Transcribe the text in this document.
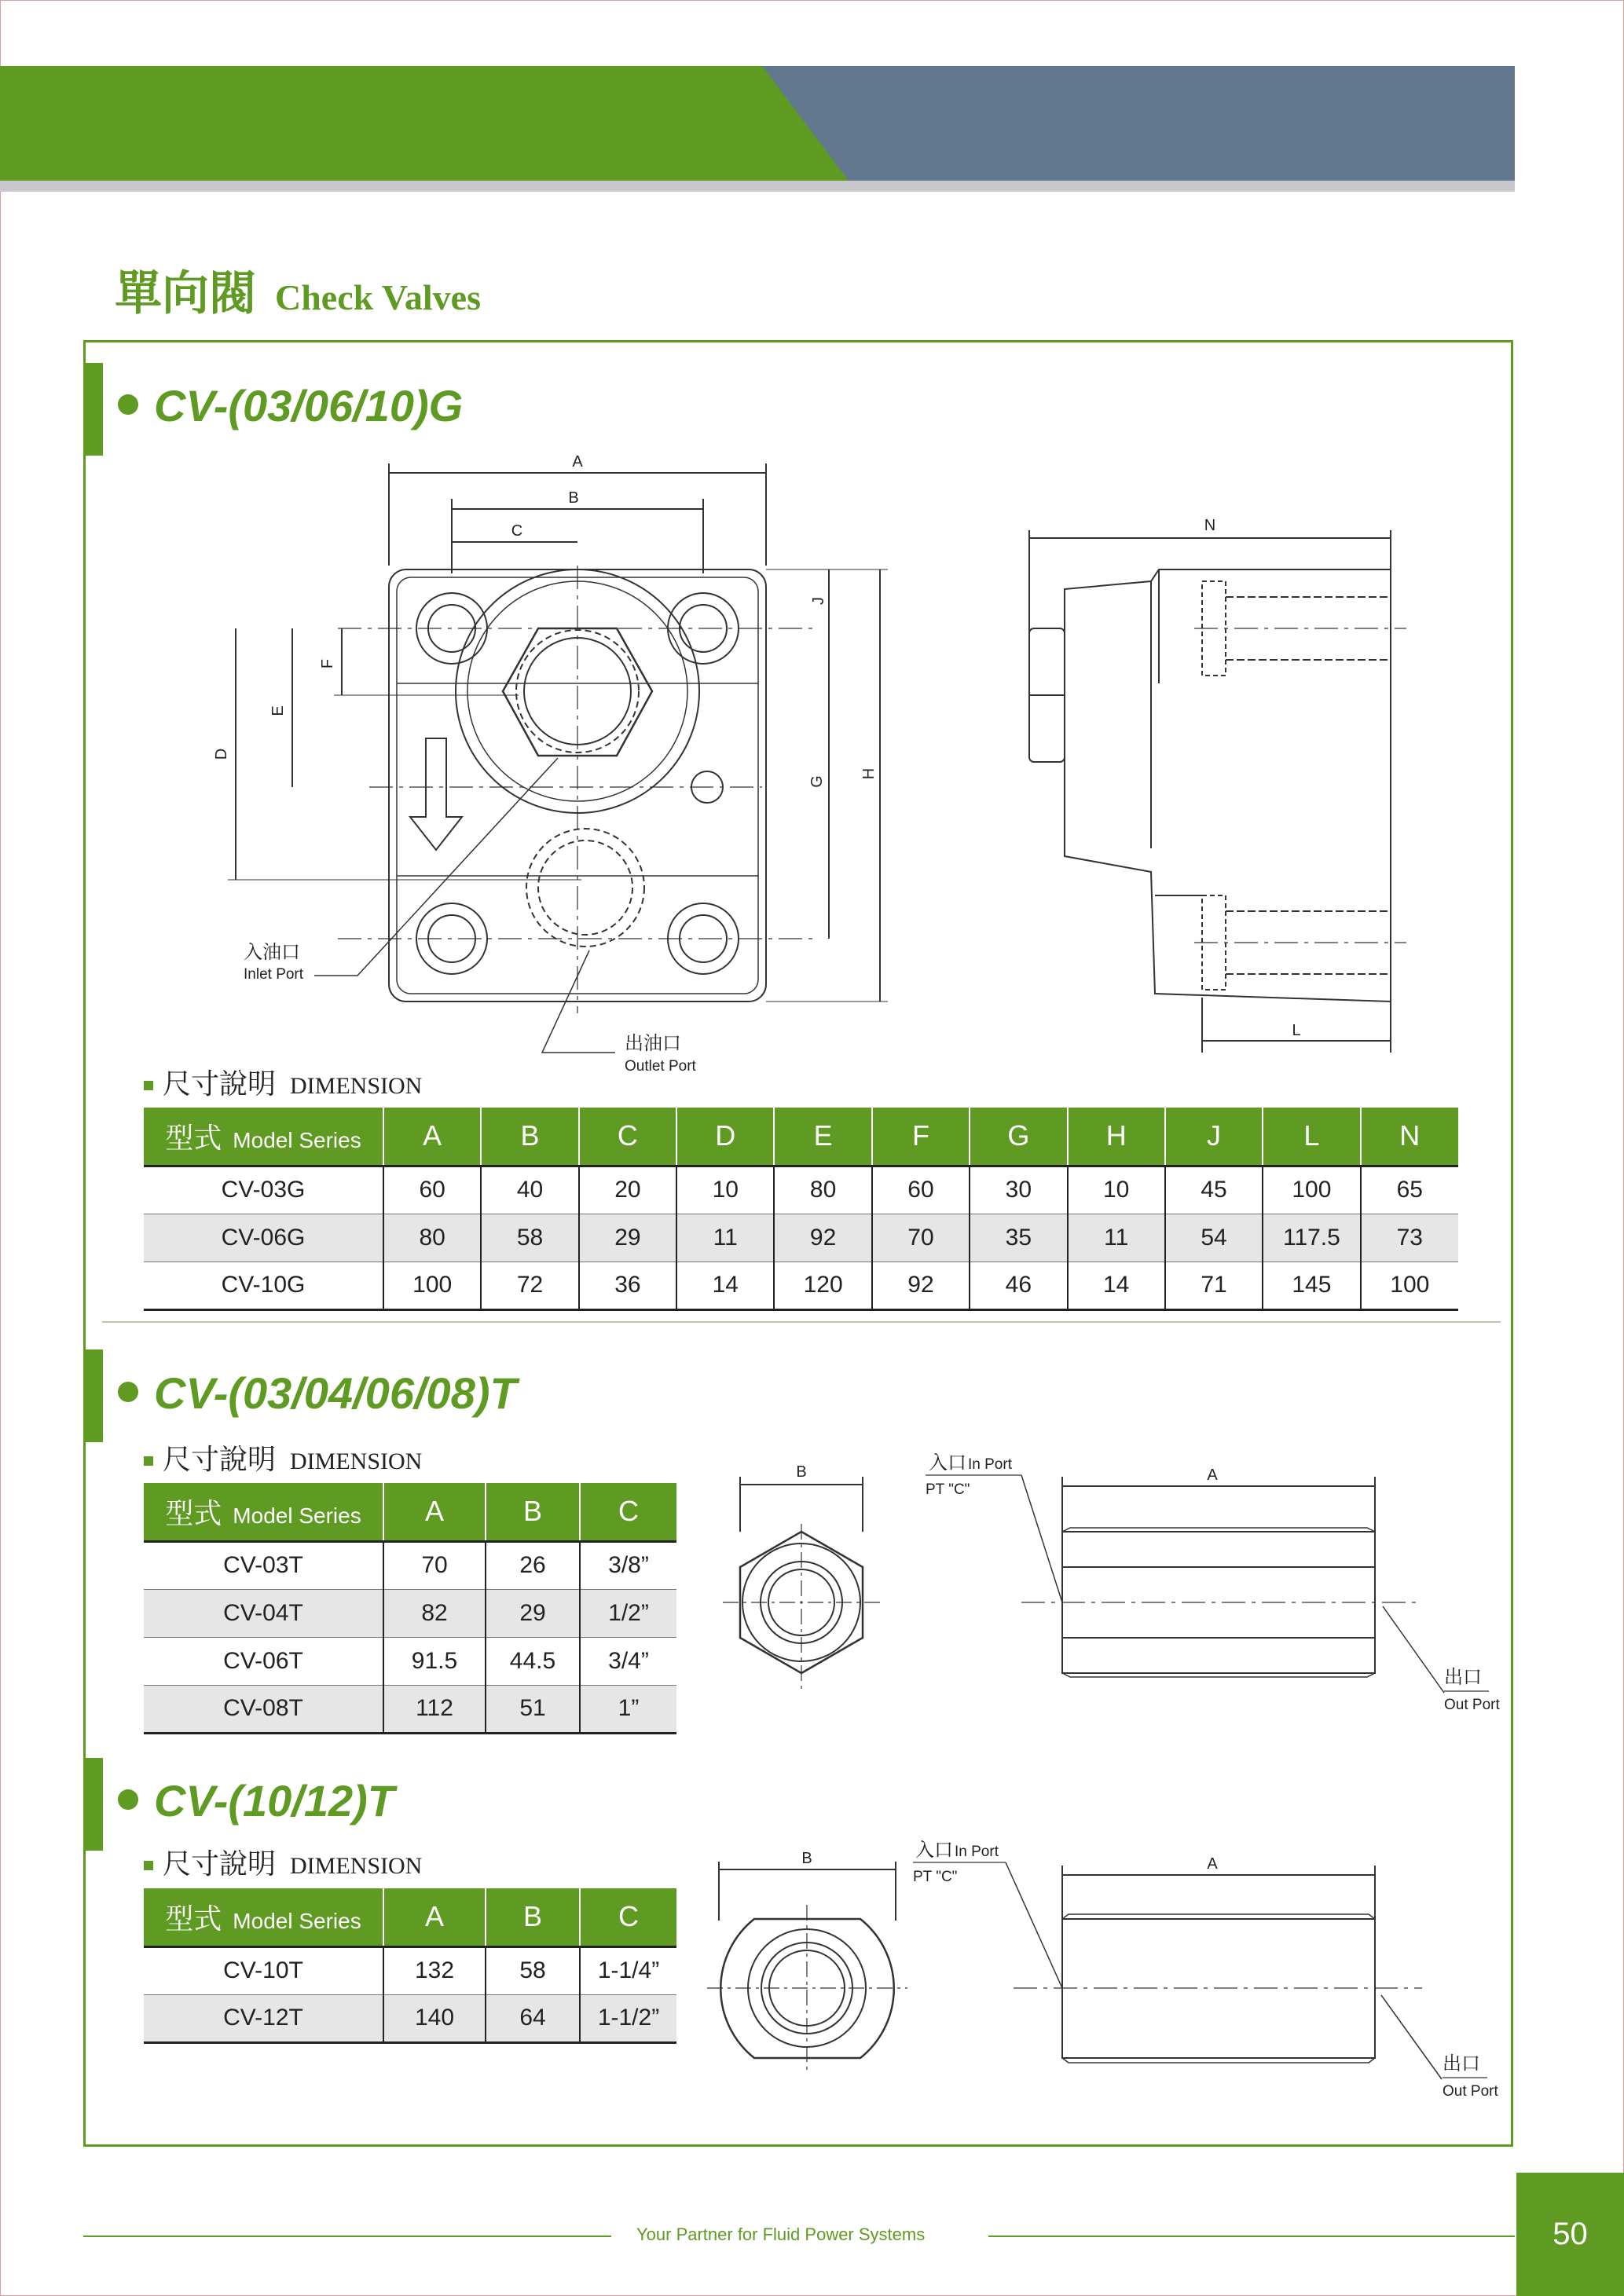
單向閥 Check Valves
CV-(03/06/10)G
A
B
C
D
E
F
J
G
H
入油口
Inlet Port
出油口
Outlet Port
N
L
尺寸說明 DIMENSION
型式 Model Series	A	B	C	D	E	F	G	H	J	L	N
CV-03G	60	40	20	10	80	60	30	10	45	100	65
CV-06G	80	58	29	11	92	70	35	11	54	117.5	73
CV-10G	100	72	36	14	120	92	46	14	71	145	100
CV-(03/04/06/08)T
尺寸說明 DIMENSION
型式 Model Series	A	B	C
CV-03T	70	26	3/8”
CV-04T	82	29	1/2”
CV-06T	91.5	44.5	3/4”
CV-08T	112	51	1”
B	入口 In Port
PT "C"
A
出口
Out Port
CV-(10/12)T
尺寸說明 DIMENSION
型式 Model Series	A	B	C
CV-10T	132	58	1-1/4”
CV-12T	140	64	1-1/2”
B	入口 In Port
PT "C"
A
出口
Out Port
Your Partner for Fluid Power Systems	50
